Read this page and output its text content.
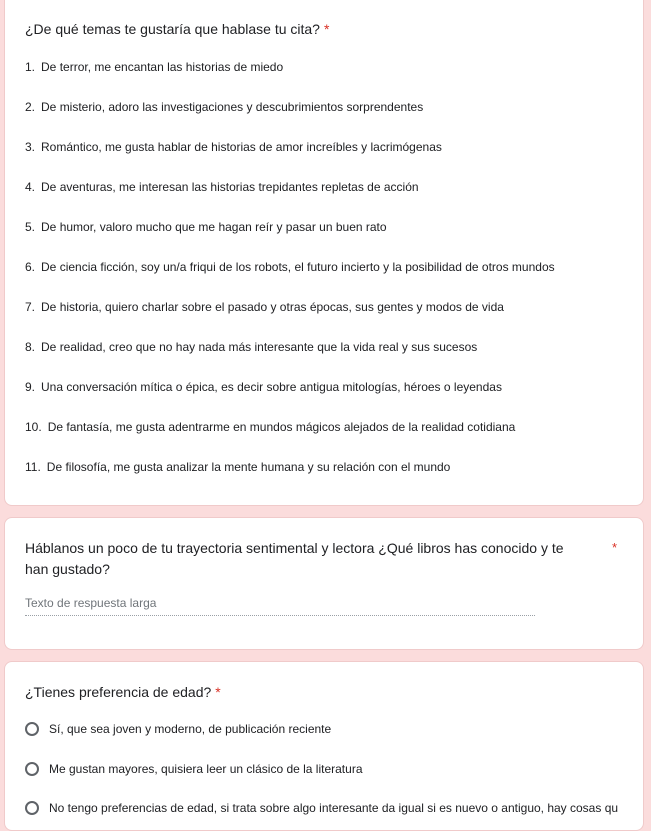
¿De qué temas te gustaría que hablase tu cita? *
1. De terror, me encantan las historias de miedo
2. De misterio, adoro las investigaciones y descubrimientos sorprendentes
3. Romántico, me gusta hablar de historias de amor increíbles y lacrimógenas
4. De aventuras, me interesan las historias trepidantes repletas de acción
5. De humor, valoro mucho que me hagan reír y pasar un buen rato
6. De ciencia ficción, soy un/a friqui de los robots, el futuro incierto y la posibilidad de otros mundos
7. De historia, quiero charlar sobre el pasado y otras épocas, sus gentes y modos de vida
8. De realidad, creo que no hay nada más interesante que la vida real y sus sucesos
9. Una conversación mítica o épica, es decir sobre antigua mitologías, héroes o leyendas
10. De fantasía, me gusta adentrarme en mundos mágicos alejados de la realidad cotidiana
11. De filosofía, me gusta analizar la mente humana y su relación con el mundo
Háblanos un poco de tu trayectoria sentimental y lectora ¿Qué libros has conocido y te han gustado?
*
Texto de respuesta larga
¿Tienes preferencia de edad? *
Sí, que sea joven y moderno, de publicación reciente
Me gustan mayores, quisiera leer un clásico de la literatura
No tengo preferencias de edad, si trata sobre algo interesante da igual si es nuevo o antiguo, hay cosas qu
